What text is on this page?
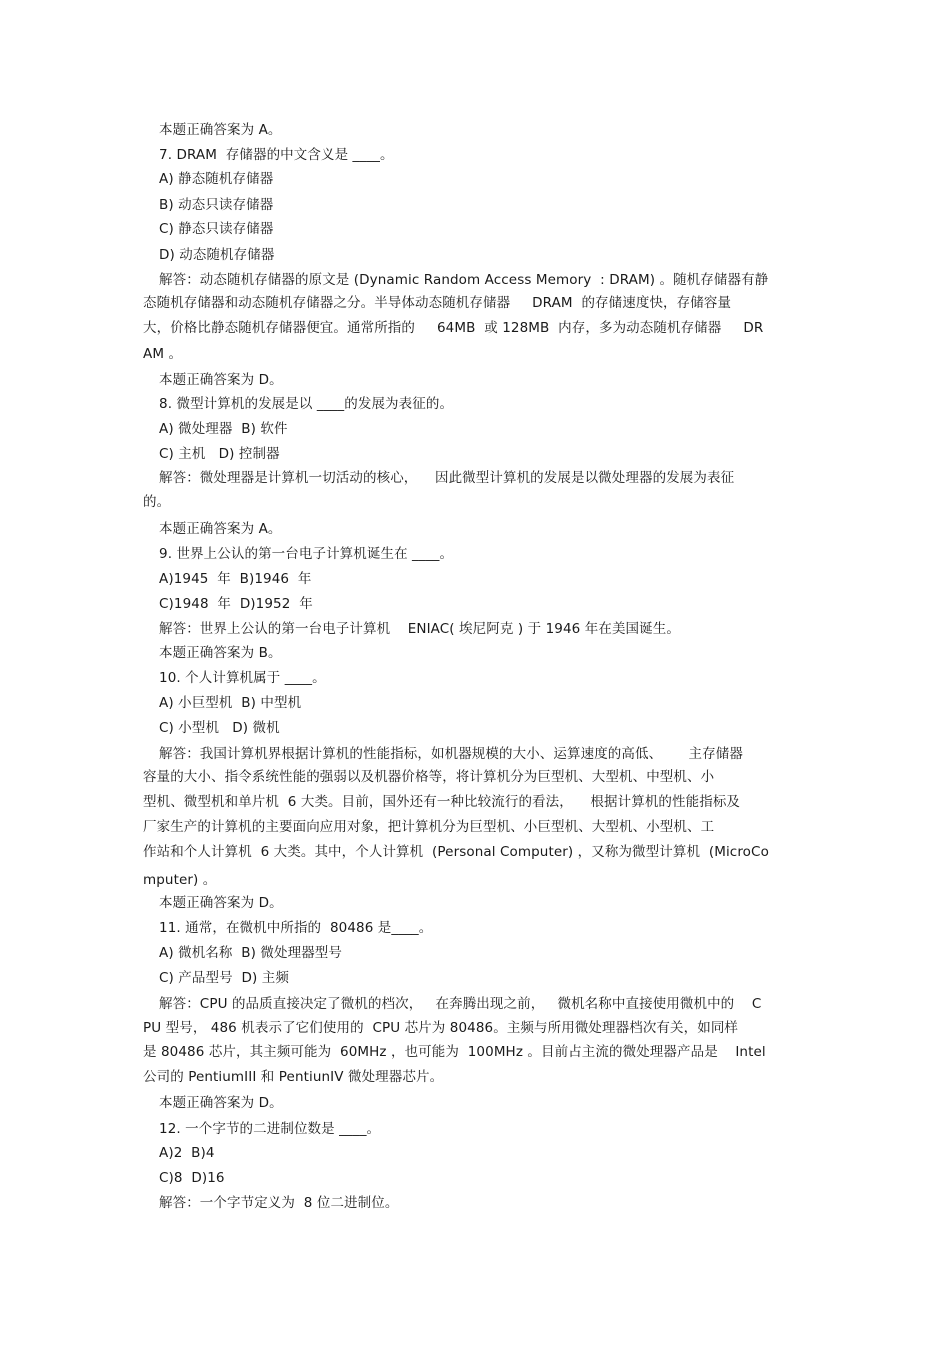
本题正确答案为 A。
7. DRAM  存储器的中文含义是 ____。
A) 静态随机存储器
B) 动态只读存储器
C) 静态只读存储器
D) 动态随机存储器
解答：动态随机存储器的原文是 (Dynamic Random Access Memory  : DRAM) 。随机存储器有静
态随机存储器和动态随机存储器之分。半导体动态随机存储器     DRAM  的存储速度快，存储容量
大，价格比静态随机存储器便宜。通常所指的     64MB  或 128MB  内存，多为动态随机存储器     DR
AM 。
本题正确答案为 D。
8. 微型计算机的发展是以 ____的发展为表征的。
A) 微处理器  B) 软件
C) 主机   D) 控制器
解答：微处理器是计算机一切活动的核心，    因此微型计算机的发展是以微处理器的发展为表征
的。
本题正确答案为 A。
9. 世界上公认的第一台电子计算机诞生在 ____。
A)1945  年  B)1946  年
C)1948  年  D)1952  年
解答：世界上公认的第一台电子计算机    ENIAC( 埃尼阿克 ) 于 1946 年在美国诞生。
本题正确答案为 B。
10. 个人计算机属于 ____。
A) 小巨型机  B) 中型机
C) 小型机   D) 微机
解答：我国计算机界根据计算机的性能指标，如机器规模的大小、运算速度的高低、      主存储器
容量的大小、指令系统性能的强弱以及机器价格等，将计算机分为巨型机、大型机、中型机、小
型机、微型机和单片机  6 大类。目前，国外还有一种比较流行的看法，    根据计算机的性能指标及
厂家生产的计算机的主要面向应用对象，把计算机分为巨型机、小巨型机、大型机、小型机、工
作站和个人计算机  6 大类。其中，个人计算机  (Personal Computer) ，又称为微型计算机  (MicroCo
mputer) 。
本题正确答案为 D。
11. 通常，在微机中所指的  80486 是____。
A) 微机名称  B) 微处理器型号
C) 产品型号  D) 主频
解答：CPU 的品质直接决定了微机的档次，   在奔腾出现之前，   微机名称中直接使用微机中的    C
PU 型号， 486 机表示了它们使用的  CPU 芯片为 80486。主频与所用微处理器档次有关，如同样
是 80486 芯片，其主频可能为  60MHz ，也可能为  100MHz 。目前占主流的微处理器产品是    Intel
公司的 PentiumIII 和 PentiunIV 微处理器芯片。
本题正确答案为 D。
12. 一个字节的二进制位数是 ____。
A)2  B)4
C)8  D)16
解答：一个字节定义为  8 位二进制位。
